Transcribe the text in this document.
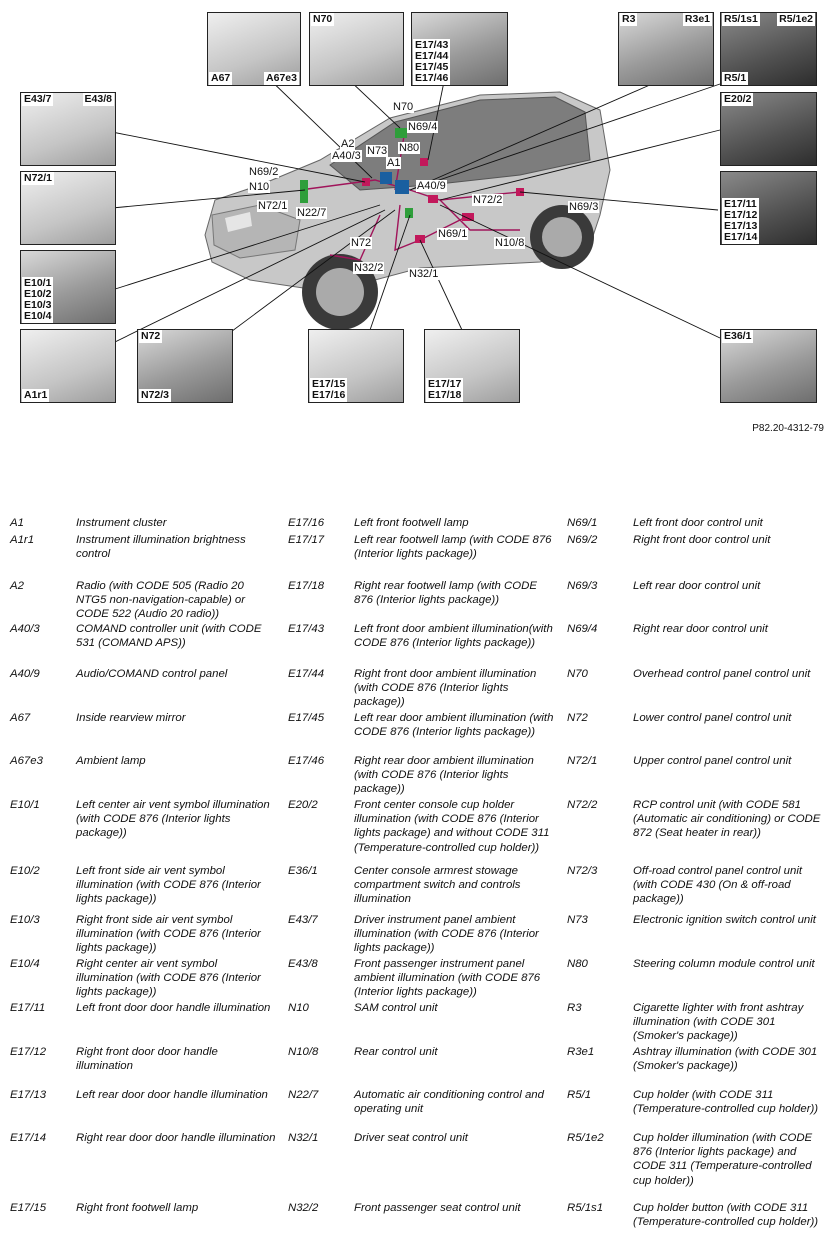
A67	A67e3
N70
E17/43
E17/44
E17/45
E17/46
R3	R3e1 R5/1s1 R5/1e2
R5/1
E43/7	E43/8	E20/2
N72/1
E17/11
E17/12
E17/13
E17/14
E10/1
E10/2
E10/3
E10/4
A1r1
N72
N72/3
E17/15
E17/16
E17/17
E17/18
E36/1
N70
N69/4
A2
A40/3 N73 N80
A1
N69/2
N10	A40/9
N72/2
N72/1
N22/7	N69/3
N69/1
N72	N10/8
N32/2 N32/1
P82.20-4312-79
A1	Instrument cluster
A1r1	Instrument illumination brightness control
A2	Radio (with CODE 505 (Radio 20 NTG5 non-navigation-capable) or CODE 522 (Audio 20 radio))
A40/3	COMAND controller unit (with CODE 531 (COMAND APS))
A40/9	Audio/COMAND control panel
A67	Inside rearview mirror
A67e3	Ambient lamp
E10/1	Left center air vent symbol illumination (with CODE 876 (Interior lights package))
E10/2	Left front side air vent symbol illumination (with CODE 876 (Interior lights package))
E10/3	Right front side air vent symbol illumination (with CODE 876 (Interior lights package))
E10/4	Right center air vent symbol illumination (with CODE 876 (Interior lights package))
E17/11	Left front door door handle illumination
E17/12	Right front door door handle illumination
E17/13	Left rear door door handle illumination
E17/14	Right rear door door handle illumination
E17/15	Right front footwell lamp
E17/16	Left front footwell lamp
E17/17	Left rear footwell lamp (with CODE 876 (Interior lights package))
E17/18	Right rear footwell lamp (with CODE 876 (Interior lights package))
E17/43	Left front door ambient illumination(with CODE 876 (Interior lights package))
E17/44	Right front door ambient illumination (with CODE 876 (Interior lights package))
E17/45	Left rear door ambient illumination (with CODE 876 (Interior lights package))
E17/46	Right rear door ambient illumination (with CODE 876 (Interior lights package))
E20/2	Front center console cup holder illumination (with CODE 876 (Interior lights package) and without CODE 311 (Temperature-controlled cup holder))
E36/1	Center console armrest stowage compartment switch and controls illumination
E43/7	Driver instrument panel ambient illumination (with CODE 876 (Interior lights package))
E43/8	Front passenger instrument panel ambient illumination (with CODE 876 (Interior lights package))
N10	SAM control unit
N10/8	Rear control unit
N22/7	Automatic air conditioning control and operating unit
N32/1	Driver seat control unit
N32/2	Front passenger seat control unit
N69/1	Left front door control unit
N69/2	Right front door control unit
N69/3	Left rear door control unit
N69/4	Right rear door control unit
N70	Overhead control panel control unit
N72	Lower control panel control unit
N72/1	Upper control panel control unit
N72/2	RCP control unit (with CODE 581 (Automatic air conditioning) or CODE 872 (Seat heater in rear))
N72/3	Off-road control panel control unit (with CODE 430 (On & off-road package))
N73	Electronic ignition switch control unit
N80	Steering column module control unit
R3	Cigarette lighter with front ashtray illumination (with CODE 301 (Smoker's package))
R3e1	Ashtray illumination (with CODE 301 (Smoker's package))
R5/1	Cup holder (with CODE 311 (Temperature-controlled cup holder))
R5/1e2	Cup holder illumination (with CODE 876 (Interior lights package) and CODE 311 (Temperature-controlled cup holder))
R5/1s1	Cup holder button (with CODE 311 (Temperature-controlled cup holder))
